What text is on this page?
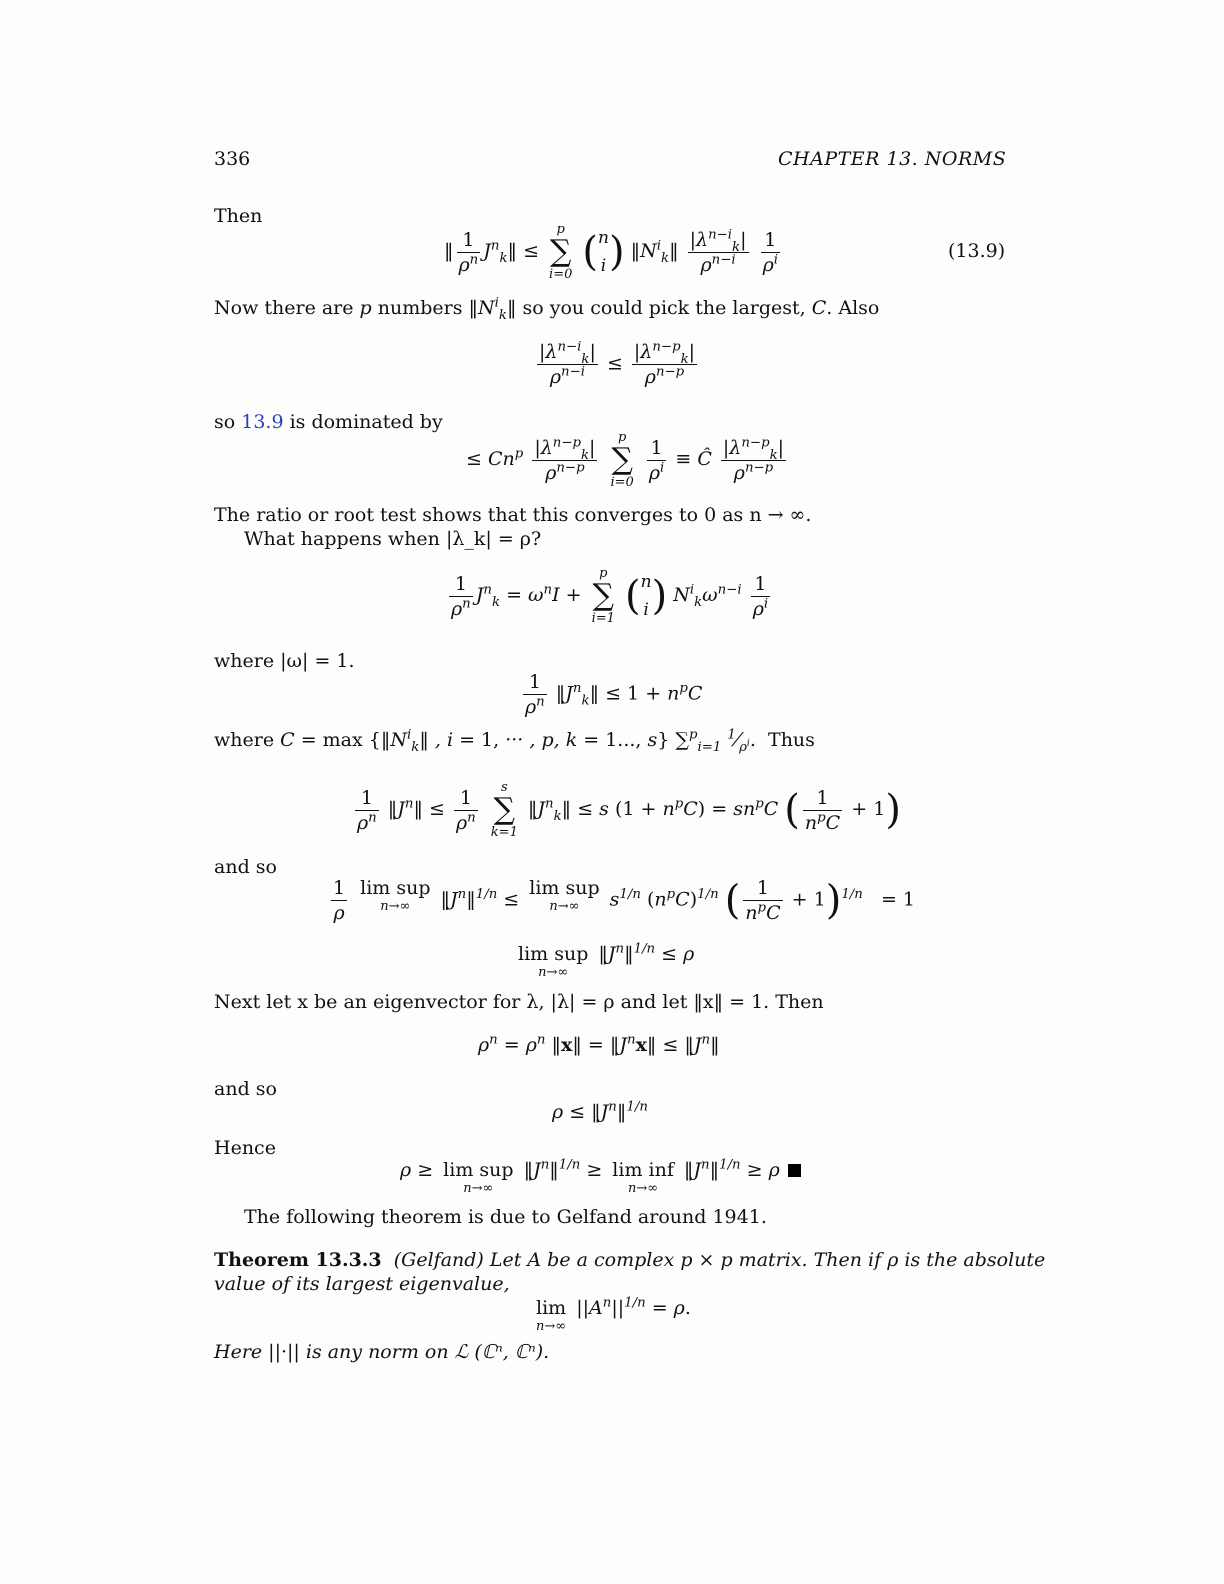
336	CHAPTER 13. NORMS
Then
‖ $\frac{1}{\rho^n}$ $J^n_k‖$ ≤
p
∑
i=0 ( n
i ) $‖N^i_k‖ \frac{|\lambda^{n-i}_k|}{\rho^{n-i}}$
$\frac{1}{\rho^i}$	(13.9)
Now there are p numbers $‖N^i_k‖$ so you could pick the largest, C. Also
$\frac{|\lambda^{n-i}_k|}{\rho^{n-i}} \le \frac{|\lambda^{n-p}_k|}{\rho^{n-p}}$
so 13.9 is dominated by
≤ $Cn^p \frac{|\lambda^{n-p}_k|}{\rho^{n-p}}$
	p
∑
i=0
$\frac{1}{\rho^i}$ ≡ Ĉ $\frac{|\lambda^{n-p}_k|}{\rho^{n-p}}$
The ratio or root test shows that this converges to 0 as n → ∞.
What happens when |λ_k| = ρ?
$\frac{1}{\rho^n} J^n_k = \omega^nI$ +
p
∑
i=1 ( n
i ) $N^i_k\omega^{n-i} \frac{1}{\rho^i}$
where |ω| = 1.
$\frac{1}{\rho^n}$ $‖J^n_k‖ \le 1 + n^pC$
where $C = \max \{‖N^i_k‖$ , i = 1, ··· , p, k = 1..., s} ∑$^p_{i=1}$ $^1⁄_{\rho^i}$. Thus
$\frac{1}{\rho^n}$ $‖J^n‖ \le \frac{1}{\rho^n}$
	s
∑
k=1
$‖J^n_k‖ \le s$ $(1 + n^pC) = sn^pC$ ( $\frac{1}{n^pC} + 1$)
and so
$\frac{1}{\rho}$ lim sup
n→∞	$‖J^n‖^{1/n} \le \lim$ sup
n→∞	$s^{1/n}$ $(n^pC)^{1/n}$ ( $\frac{1}{n^pC} + 1)^{1/n} = 1$
lim sup
n→∞
$‖J^n‖^{1/n} \le \rho$
Next let x be an eigenvector for λ, |λ| = ρ and let ‖x‖ = 1. Then
$\rho^n = \rho^n$ ‖x‖ = $‖J^nx‖$ ≤ $‖J^n‖$
and so
$\rho \le ‖J^n‖^{1/n}$
Hence
ρ ≥ lim sup
n→∞
$‖J^n‖^{1/n} \ge \lim$ inf
n→∞
$‖J^n‖^{1/n} \ge \rho$
The following theorem is due to Gelfand around 1941.
Theorem 13.3.3 (Gelfand) Let A be a complex p × p matrix. Then if ρ is the absolute
value of its largest eigenvalue,
lim
n→∞
$||A^n||^{1/n} = \rho$.
Here ||·|| is any norm on ℒ (ℂⁿ, ℂⁿ).
